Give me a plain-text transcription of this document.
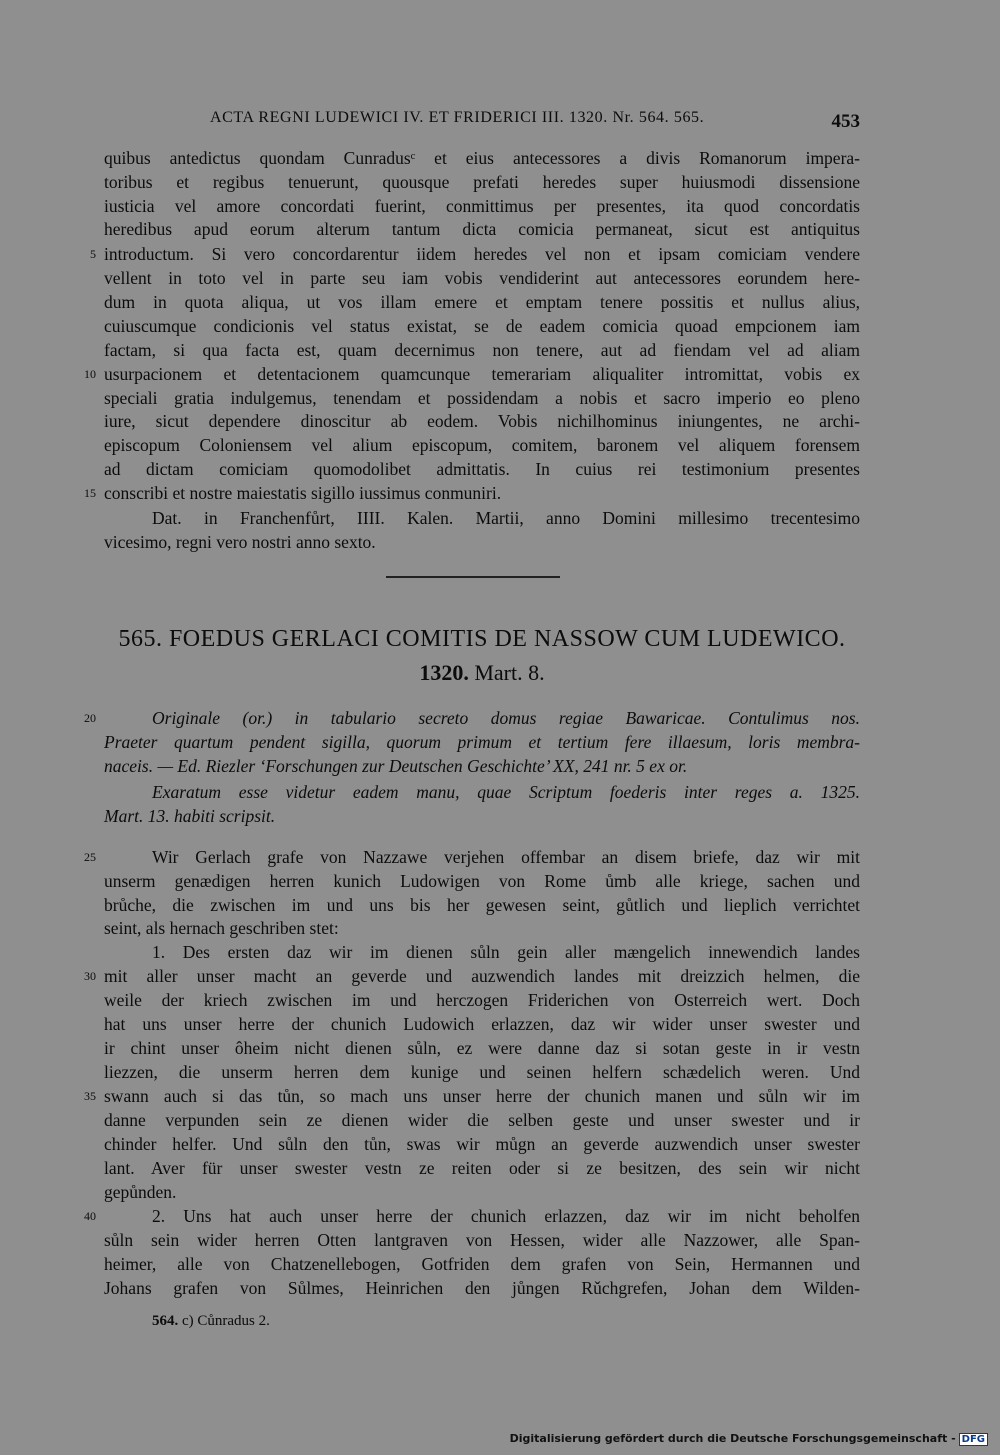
ACTA REGNI LUDEWICI IV. ET FRIDERICI III. 1320. Nr. 564. 565.	453
quibus antedictus quondam Cunradusᶜ et eius antecessores a divis Romanorum impera-
toribus et regibus tenuerunt, quousque prefati heredes super huiusmodi dissensione
iusticia vel amore concordati fuerint, conmittimus per presentes, ita quod concordatis
heredibus apud eorum alterum tantum dicta comicia permaneat, sicut est antiquitus
5 introductum. Si vero concordarentur iidem heredes vel non et ipsam comiciam vendere
vellent in toto vel in parte seu iam vobis vendiderint aut antecessores eorundem here-
dum in quota aliqua, ut vos illam emere et emptam tenere possitis et nullus alius,
cuiuscumque condicionis vel status existat, se de eadem comicia quoad empcionem iam
factam, si qua facta est, quam decernimus non tenere, aut ad fiendam vel ad aliam
10 usurpacionem et detentacionem quamcunque temerariam aliqualiter intromittat, vobis ex
speciali gratia indulgemus, tenendam et possidendam a nobis et sacro imperio eo pleno
iure, sicut dependere dinoscitur ab eodem. Vobis nichilhominus iniungentes, ne archi-
episcopum Coloniensem vel alium episcopum, comitem, baronem vel aliquem forensem
ad dictam comiciam quomodolibet admittatis. In cuius rei testimonium presentes
15 conscribi et nostre maiestatis sigillo iussimus conmuniri.
Dat. in Franchenfůrt, IIII. Kalen. Martii, anno Domini millesimo trecentesimo
vicesimo, regni vero nostri anno sexto.
565. FOEDUS GERLACI COMITIS DE NASSOW CUM LUDEWICO.
1320. Mart. 8.
20	Originale (or.) in tabulario secreto domus regiae Bawaricae. Contulimus nos.
Praeter quartum pendent sigilla, quorum primum et tertium fere illaesum, loris membra-
naceis. — Ed. Riezler ‘Forschungen zur Deutschen Geschichte’ XX, 241 nr. 5 ex or.
Exaratum esse videtur eadem manu, quae Scriptum foederis inter reges a. 1325.
Mart. 13. habiti scripsit.
25	Wir Gerlach grafe von Nazzawe verjehen offembar an disem briefe, daz wir mit
unserm genædigen herren kunich Ludowigen von Rome ůmb alle kriege, sachen und
brůche, die zwischen im und uns bis her gewesen seint, gůtlich und lieplich verrichtet
seint, als hernach geschriben stet:
1. Des ersten daz wir im dienen sůln gein aller mængelich innewendich landes
30 mit aller unser macht an geverde und auzwendich landes mit dreizzich helmen, die
weile der kriech zwischen im und herczogen Friderichen von Osterreich wert. Doch
hat uns unser herre der chunich Ludowich erlazzen, daz wir wider unser swester und
ir chint unser ôheim nicht dienen sůln, ez were danne daz si sotan geste in ir vestn
liezzen, die unserm herren dem kunige und seinen helfern schædelich weren. Und
35 swann auch si das tůn, so mach uns unser herre der chunich manen und sůln wir im
danne verpunden sein ze dienen wider die selben geste und unser swester und ir
chinder helfer. Und sůln den tůn, swas wir můgn an geverde auzwendich unser swester
lant. Aver für unser swester vestn ze reiten oder si ze besitzen, des sein wir nicht
gepůnden.
40	2. Uns hat auch unser herre der chunich erlazzen, daz wir im nicht beholfen
sůln sein wider herren Otten lantgraven von Hessen, wider alle Nazzower, alle Span-
heimer, alle von Chatzenellebogen, Gotfriden dem grafen von Sein, Hermannen und
Johans grafen von Sůlmes, Heinrichen den jůngen Rǔchgrefen, Johan dem Wilden-
564. c) Cůnradus 2.
Digitalisierung gefördert durch die Deutsche Forschungsgemeinschaft - DFG
